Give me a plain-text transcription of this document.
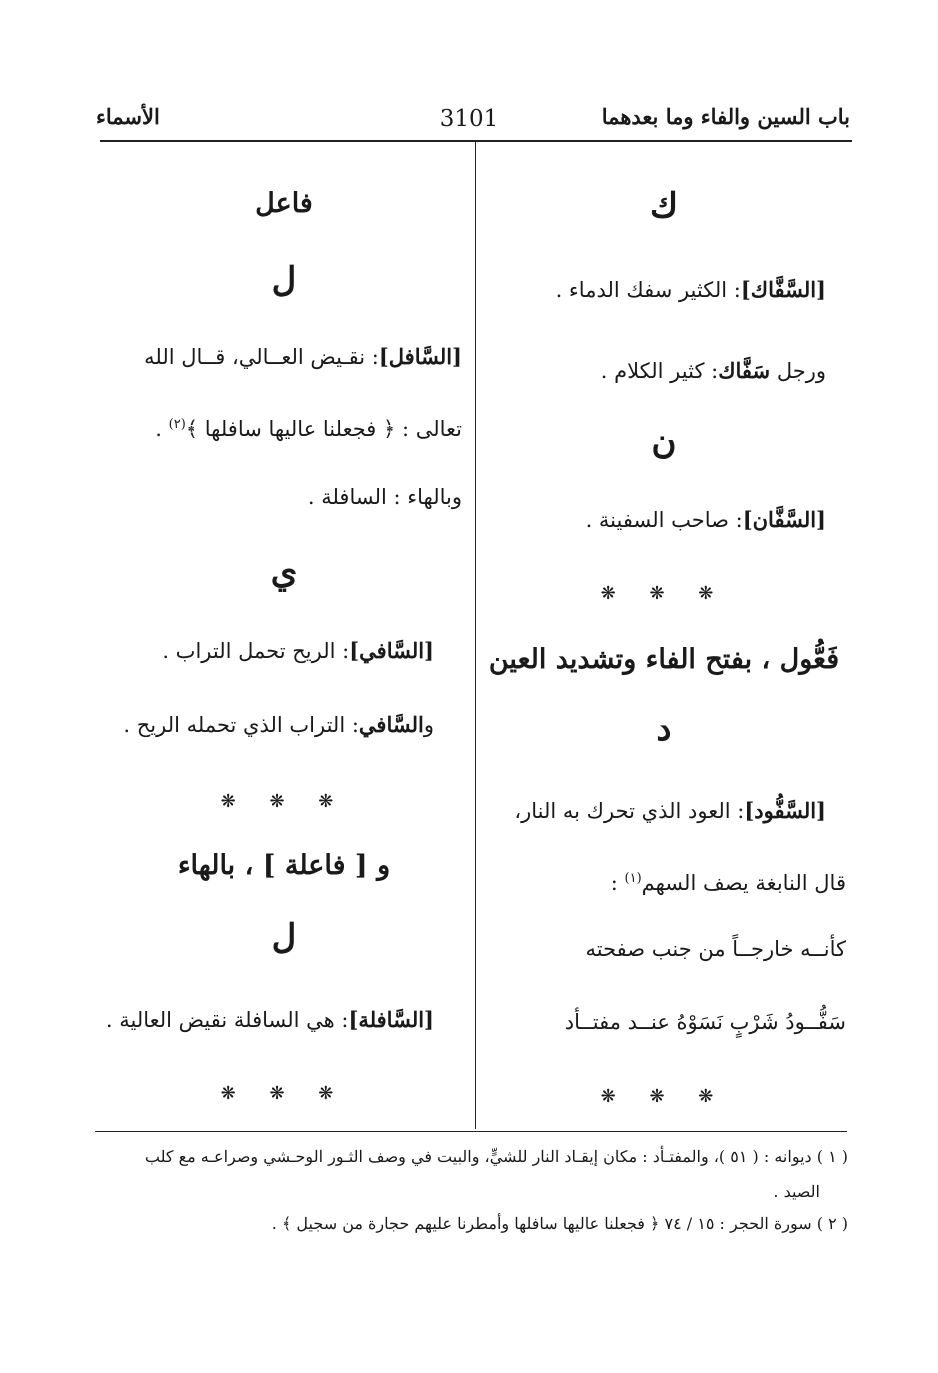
باب السين والفاء وما بعدهما
3101
الأسماء
ك
[السَّفَّاك]: الكثير سفك الدماء .
ورجل سَفَّاك: كثير الكلام .
ن
[السَّفَّان]: صاحب السفينة .
❋ ❋ ❋
فَعُّول ، بفتح الفاء وتشديد العين
د
[السَّفُّود]: العود الذي تحرك به النار،
قال النابغة يصف السهم$^{(١)}$ :
كأنــه خارجــاً من جنب صفحته
سَفُّــودُ شَرْبٍ نَسَوْهُ عنــد مفتــأد
❋ ❋ ❋
فاعل
ل
[السَّافل]: نقـيض العــالي، قــال الله
تعالى : ﴿ فجعلنا عاليها سافلها ﴾$^{(٢)}$ .
وبالهاء : السافلة .
ي
[السَّافي]: الريح تحمل التراب .
والسَّافي: التراب الذي تحمله الريح .
❋ ❋ ❋
و [ فاعلة ] ، بالهاء
ل
[السَّافلة]: هي السافلة نقيض العالية .
❋ ❋ ❋
( ١ ) ديوانه : ( ٥١ )، والمفتـأد : مكان إيقـاد النار للشيٍّ، والبيت في وصف الثـور الوحـشي وصراعـه مع كلب
الصيد .
( ٢ ) سورة الحجر : ١٥ / ٧٤ ﴿ فجعلنا عاليها سافلها وأمطرنا عليهم حجارة من سجيل ﴾ .
